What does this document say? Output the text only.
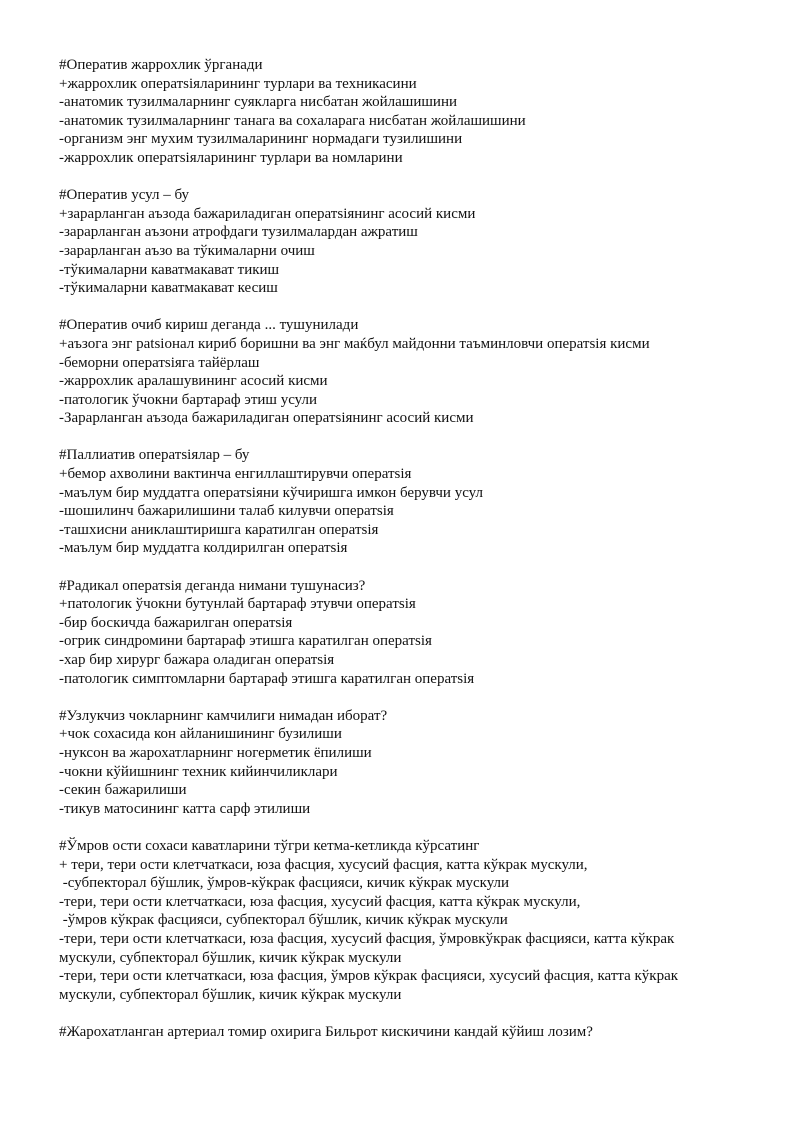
#Оператив жаррохлик ўрганади

+жаррохлик оператsiяларининг турлари ва техникасини

-анатомик тузилмаларнинг суякларга нисбатан жойлашишини

-анатомик тузилмаларнинг танага ва сохаларага нисбатан жойлашишини

-организм энг мухим тузилмаларининг нормадаги тузилишини

-жаррохлик оператsiяларининг турлари ва номларини

#Оператив усул – бу

+зарарланган аъзода бажариладиган оператsiянинг асосий кисми

-зарарланган аъзони атрофдаги тузилмалардан ажратиш

-зарарланган аъзо ва тўкималарни очиш

-тўкималарни каватмакават тикиш

-тўкималарни каватмакават кесиш

#Оператив очиб кириш деганда ... тушунилади

+аъзога энг patsiонал кириб боришни ва энг маќбул майдонни таъминловчи оператsiя кисми

-беморни оператsiяга тайёрлаш

-жаррохлик аралашувининг асосий кисми

-патологик ўчокни бартараф этиш усули

-Зарарланган аъзода бажариладиган оператsiянинг асосий кисми

#Паллиатив оператsiялар – бу

+бемор ахволини вактинча енгиллаштирувчи оператsiя

-маълум бир муддатга оператsiяни кўчиришга имкон берувчи усул

-шошилинч бажарилишини талаб килувчи оператsiя

-ташхисни аниклаштиришга каратилган оператsiя

-маълум бир муддатга колдирилган оператsiя

#Радикал оператsiя деганда нимани тушунасиз?

+патологик ўчокни бутунлай бартараф этувчи оператsiя

-бир боскичда бажарилган оператsiя

-огрик синдромини бартараф этишга каратилган оператsiя

-хар бир хирург бажара оладиган оператsiя

-патологик симптомларни бартараф этишга каратилган оператsiя

#Узлукчиз чокларнинг камчилиги нимадан иборат?

+чок сохасида кон айланишининг бузилиши

-нуксон ва жарохатларнинг ногерметик ёпилиши

-чокни кўйишнинг техник кийинчиликлари

-секин бажарилиши

-тикув матосининг катта сарф этилиши

#Ўмров ости сохаси каватларини тўгри кетма-кетликда кўрсатинг

+ тери, тери ости клетчаткаси, юза фасция, хусусий фасция, катта кўкрак мускули,

-субпекторал бўшлик, ўмров-кўкрак фасцияси, кичик кўкрак мускули

-тери, тери ости клетчаткаси, юза фасция, хусусий фасция, катта кўкрак мускули,

-ўмров кўкрак фасцияси, субпекторал бўшлик, кичик кўкрак мускули

-тери, тери ости клетчаткаси, юза фасция, хусусий фасция, ўмровкўкрак фасцияси, катта кўкрак

мускули, субпекторал бўшлик, кичик кўкрак мускули

-тери, тери ости клетчаткаси, юза фасция, ўмров кўкрак фасцияси, хусусий фасция, катта кўкрак

мускули, субпекторал бўшлик, кичик кўкрак мускули

#Жарохатланган артериал томир охирига Бильрот кискичини кандай кўйиш лозим?
